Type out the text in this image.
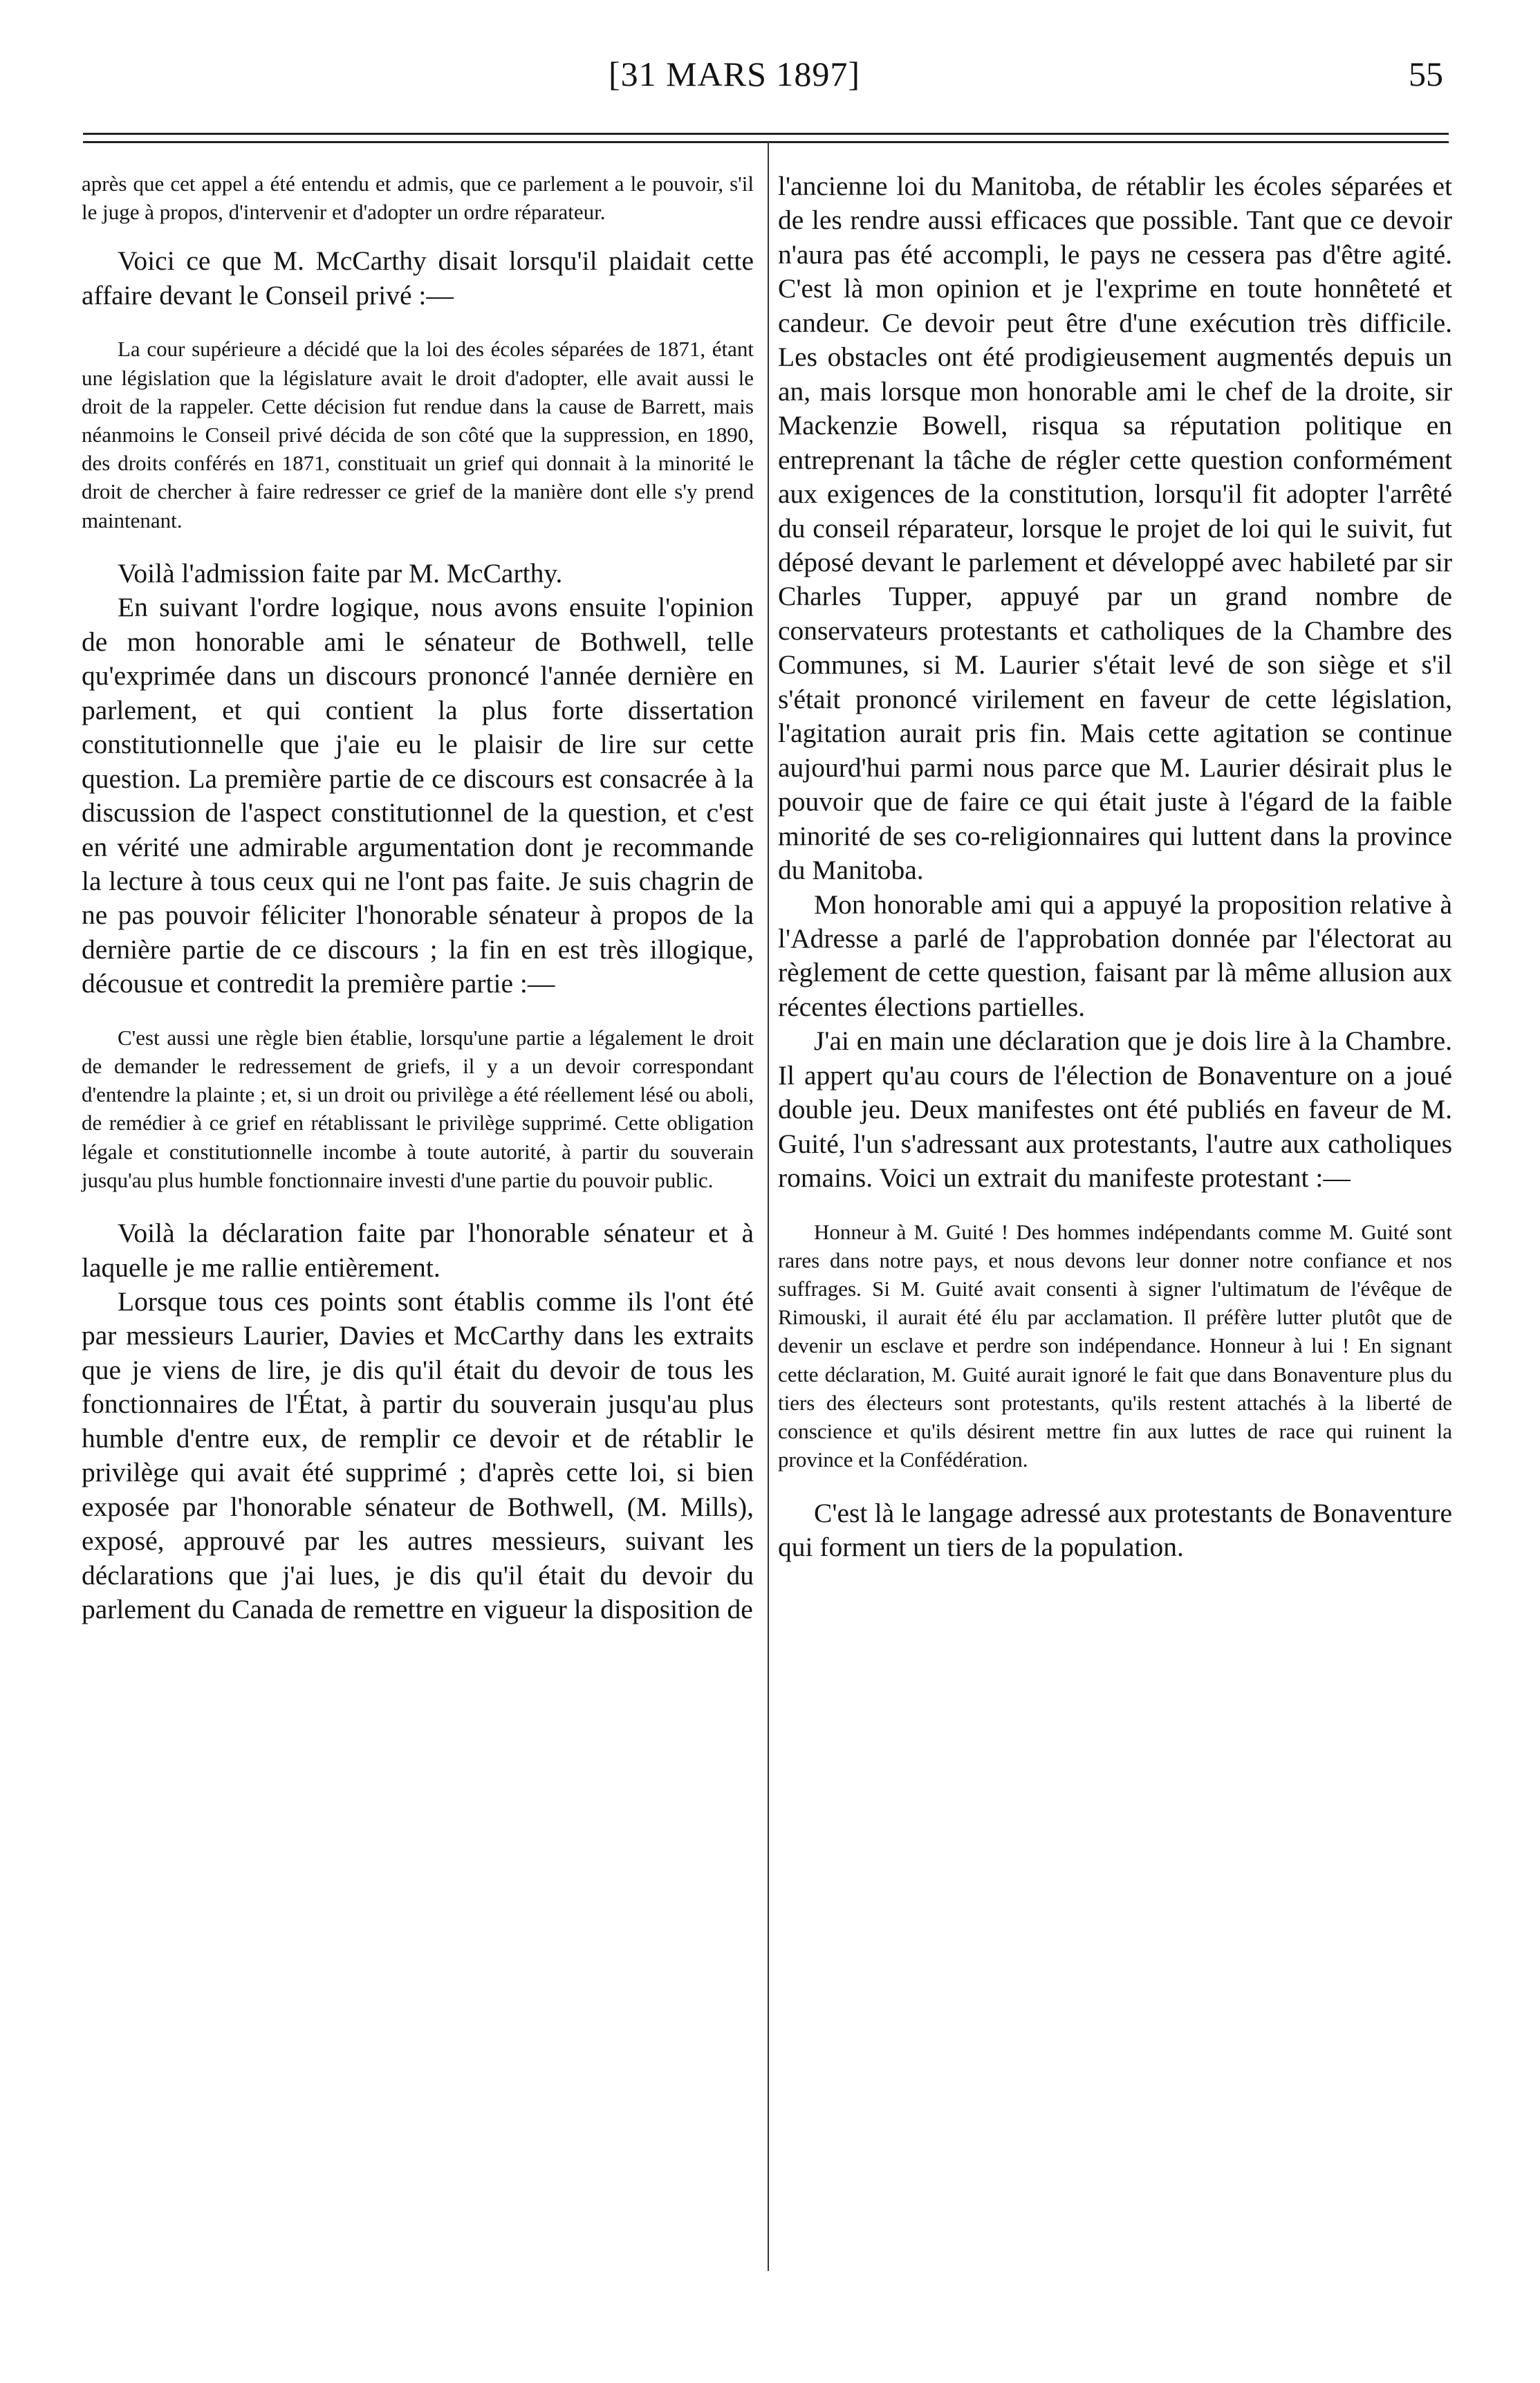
[31 MARS 1897]	55

après que cet appel a été entendu et admis, que ce parlement a le pouvoir, s'il le juge à propos, d'intervenir et d'adopter un ordre réparateur.

Voici ce que M. McCarthy disait lorsqu'il plaidait cette affaire devant le Conseil privé :—

La cour supérieure a décidé que la loi des écoles séparées de 1871, étant une législation que la législature avait le droit d'adopter, elle avait aussi le droit de la rappeler. Cette décision fut rendue dans la cause de Barrett, mais néanmoins le Conseil privé décida de son côté que la suppression, en 1890, des droits conférés en 1871, constituait un grief qui donnait à la minorité le droit de chercher à faire redresser ce grief de la manière dont elle s'y prend maintenant.

Voilà l'admission faite par M. McCarthy.

En suivant l'ordre logique, nous avons ensuite l'opinion de mon honorable ami le sénateur de Bothwell, telle qu'exprimée dans un discours prononcé l'année dernière en parlement, et qui contient la plus forte dissertation constitutionnelle que j'aie eu le plaisir de lire sur cette question. La première partie de ce discours est consacrée à la discussion de l'aspect constitutionnel de la question, et c'est en vérité une admirable argumentation dont je recommande la lecture à tous ceux qui ne l'ont pas faite. Je suis chagrin de ne pas pouvoir féliciter l'honorable sénateur à propos de la dernière partie de ce discours ; la fin en est très illogique, décousue et contredit la première partie :—

C'est aussi une règle bien établie, lorsqu'une partie a légalement le droit de demander le redressement de griefs, il y a un devoir correspondant d'entendre la plainte ; et, si un droit ou privilège a été réellement lésé ou aboli, de remédier à ce grief en rétablissant le privilège supprimé. Cette obligation légale et constitutionnelle incombe à toute autorité, à partir du souverain jusqu'au plus humble fonctionnaire investi d'une partie du pouvoir public.

Voilà la déclaration faite par l'honorable sénateur et à laquelle je me rallie entièrement.

Lorsque tous ces points sont établis comme ils l'ont été par messieurs Laurier, Davies et McCarthy dans les extraits que je viens de lire, je dis qu'il était du devoir de tous les fonctionnaires de l'État, à partir du souverain jusqu'au plus humble d'entre eux, de remplir ce devoir et de rétablir le privilège qui avait été supprimé ; d'après cette loi, si bien exposée par l'honorable sénateur de Bothwell, (M. Mills), exposé, approuvé par les autres messieurs, suivant les déclarations que j'ai lues, je dis qu'il était du devoir du parlement du Canada de remettre en vigueur la disposition de

l'ancienne loi du Manitoba, de rétablir les écoles séparées et de les rendre aussi efficaces que possible. Tant que ce devoir n'aura pas été accompli, le pays ne cessera pas d'être agité. C'est là mon opinion et je l'exprime en toute honnêteté et candeur. Ce devoir peut être d'une exécution très difficile. Les obstacles ont été prodigieusement augmentés depuis un an, mais lorsque mon honorable ami le chef de la droite, sir Mackenzie Bowell, risqua sa réputation politique en entreprenant la tâche de régler cette question conformément aux exigences de la constitution, lorsqu'il fit adopter l'arrêté du conseil réparateur, lorsque le projet de loi qui le suivit, fut déposé devant le parlement et développé avec habileté par sir Charles Tupper, appuyé par un grand nombre de conservateurs protestants et catholiques de la Chambre des Communes, si M. Laurier s'était levé de son siège et s'il s'était prononcé virilement en faveur de cette législation, l'agitation aurait pris fin. Mais cette agitation se continue aujourd'hui parmi nous parce que M. Laurier désirait plus le pouvoir que de faire ce qui était juste à l'égard de la faible minorité de ses co-religionnaires qui luttent dans la province du Manitoba.

Mon honorable ami qui a appuyé la proposition relative à l'Adresse a parlé de l'approbation donnée par l'électorat au règlement de cette question, faisant par là même allusion aux récentes élections partielles.

J'ai en main une déclaration que je dois lire à la Chambre. Il appert qu'au cours de l'élection de Bonaventure on a joué double jeu. Deux manifestes ont été publiés en faveur de M. Guité, l'un s'adressant aux protestants, l'autre aux catholiques romains. Voici un extrait du manifeste protestant :—

Honneur à M. Guité ! Des hommes indépendants comme M. Guité sont rares dans notre pays, et nous devons leur donner notre confiance et nos suffrages. Si M. Guité avait consenti à signer l'ultimatum de l'évêque de Rimouski, il aurait été élu par acclamation. Il préfère lutter plutôt que de devenir un esclave et perdre son indépendance. Honneur à lui ! En signant cette déclaration, M. Guité aurait ignoré le fait que dans Bonaventure plus du tiers des électeurs sont protestants, qu'ils restent attachés à la liberté de conscience et qu'ils désirent mettre fin aux luttes de race qui ruinent la province et la Confédération.

C'est là le langage adressé aux protestants de Bonaventure qui forment un tiers de la population.
